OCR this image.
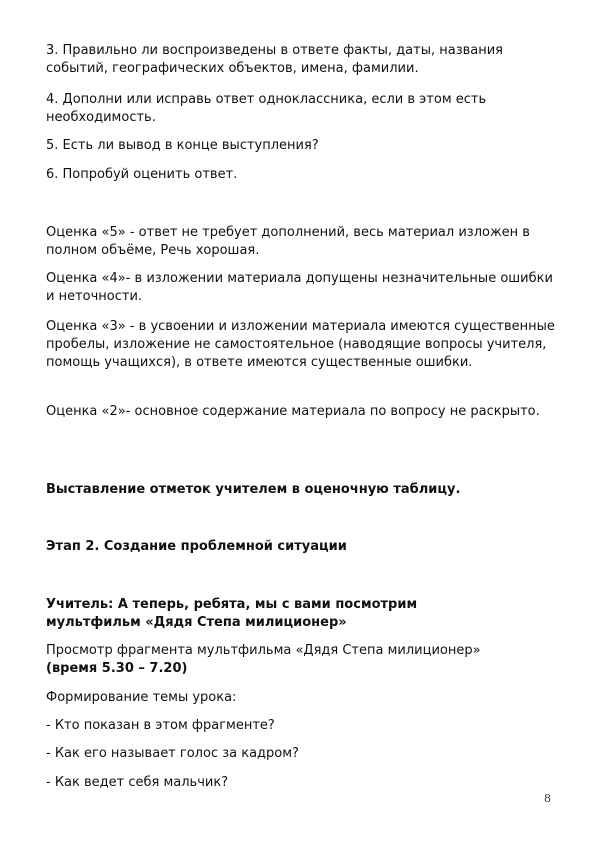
3. Правильно ли воспроизведены в ответе факты, даты, названия событий, географических объектов, имена, фамилии.

4. Дополни или исправь ответ одноклассника, если в этом есть необходимость.

5. Есть ли вывод в конце выступления?

6. Попробуй оценить ответ.

Оценка «5» - ответ не требует дополнений, весь материал изложен в полном объёме, Речь хорошая.

Оценка «4»- в изложении материала допущены незначительные ошибки и неточности.

Оценка «3» - в усвоении и изложении материала имеются существенные пробелы, изложение не самостоятельное (наводящие вопросы учителя, помощь учащихся), в ответе имеются существенные ошибки.

Оценка «2»- основное содержание материала по вопросу не раскрыто.

Выставление отметок учителем в оценочную таблицу.

Этап 2. Создание проблемной ситуации

Учитель: А теперь, ребята, мы с вами посмотрим мультфильм «Дядя Степа милиционер»

Просмотр фрагмента мультфильма «Дядя Степа милиционер»
(время 5.30 – 7.20)

Формирование темы урока:

- Кто показан в этом фрагменте?

- Как его называет голос за кадром?

- Как ведет себя мальчик?

8
